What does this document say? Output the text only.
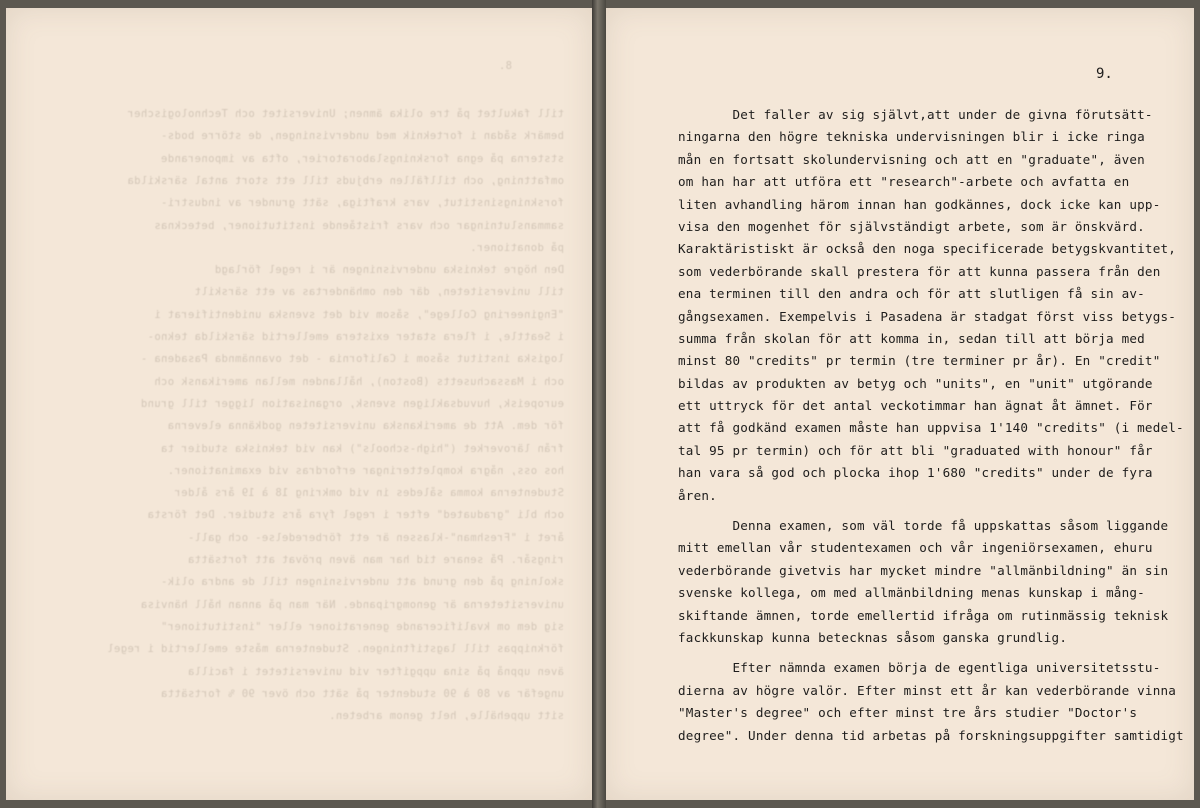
8.
till fakultet på tre olika ämnen; Universitet och Technologischer
bemärk sådan i forteknik med undervisningen, de större bods-
ststerna på egna forskningslaboratorier, ofta av imponerande
omfattning, och tillfällen erbjuds till ett stort antal särskilda
forskningsinstitut, vars kraftiga, sätt grunder av industri-
sammanslutningar och vars fristående institutioner, betecknas
på donationer.
Den högre tekniska undervisningen är i regel förlagd
till universiteten, där den omhändertas av ett särskilt
"Engineering College", såsom vid det svenska unidentifierat i
i Seattle, i flera stater existera emellertid särskilda tekno-
logiska institut såsom i California - det ovannämnda Pasadena -
och i Massachusetts (Boston), hållanden mellan amerikansk och
europeisk, huvudsakligen svensk, organisation ligger till grund
för dem. Att de amerikanska universiteten godkänna eleverna
från läroverket ("high-schools") kan vid tekniska studier ta
hos oss, några kompletteringar erfordras vid examinationer.
Studenterna komma således in vid omkring 18 à 19 års ålder
och bli "graduated" efter i regel fyra års studier. Det första
året i "Freshman"-klassen är ett förberedelse- och gall-
ringsår. På senare tid har man även prövat att fortsätta
skolning på den grund att undervisningen till de andra olik-
universiteterna är genomgripande. När man på annan håll hänvisa
sig dem om kvalificerande generationer eller "institutioner"
förknippas till lagstiftningen. Studenterna måste emellertid i regel
även uppnå på sina uppgifter vid universitetet i facilla
ungefär av 80 à 90 studenter på sätt och över 90 % fortsätta
sitt uppehälle, helt genom arbeten.
9.
Det faller av sig självt,att under de givna förutsätt-
ningarna den högre tekniska undervisningen blir i icke ringa
mån en fortsatt skolundervisning och att en "graduate", även
om han har att utföra ett "research"-arbete och avfatta en
liten avhandling härom innan han godkännes, dock icke kan upp-
visa den mogenhet för självständigt arbete, som är önskvärd.
Karaktäristiskt är också den noga specificerade betygskvantitet,
som vederbörande skall prestera för att kunna passera från den
ena terminen till den andra och för att slutligen få sin av-
gångsexamen. Exempelvis i Pasadena är stadgat först viss betygs-
summa från skolan för att komma in, sedan till att börja med
minst 80 "credits" pr termin (tre terminer pr år). En "credit"
bildas av produkten av betyg och "units", en "unit" utgörande
ett uttryck för det antal veckotimmar han ägnat åt ämnet. För
att få godkänd examen måste han uppvisa 1'140 "credits" (i medel-
tal 95 pr termin) och för att bli "graduated with honour" får
han vara så god och plocka ihop 1'680 "credits" under de fyra
åren.
Denna examen, som väl torde få uppskattas såsom liggande
mitt emellan vår studentexamen och vår ingeniörsexamen, ehuru
vederbörande givetvis har mycket mindre "allmänbildning" än sin
svenske kollega, om med allmänbildning menas kunskap i mång-
skiftande ämnen, torde emellertid ifråga om rutinmässig teknisk
fackkunskap kunna betecknas såsom ganska grundlig.
Efter nämnda examen börja de egentliga universitetsstu-
dierna av högre valör. Efter minst ett år kan vederbörande vinna
"Master's degree" och efter minst tre års studier "Doctor's
degree". Under denna tid arbetas på forskningsuppgifter samtidigt
